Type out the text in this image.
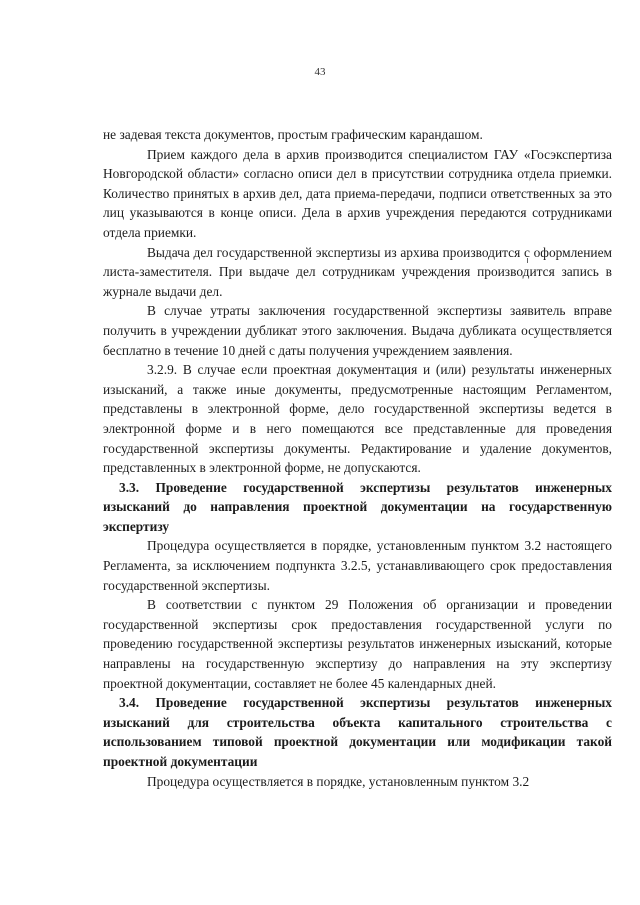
43

не задевая текста документов, простым графическим карандашом.

Прием каждого дела в архив производится специалистом ГАУ «Госэкспертиза Новгородской области» согласно описи дел в присутствии сотрудника отдела приемки. Количество принятых в архив дел, дата приема-передачи, подписи ответственных за это лиц указываются в конце описи. Дела в архив учреждения передаются сотрудниками отдела приемки.

Выдача дел государственной экспертизы из архива производится с оформлением листа-заместителя. При выдаче дел сотрудникам учреждения производится запись в журнале выдачи дел.

В случае утраты заключения государственной экспертизы заявитель вправе получить в учреждении дубликат этого заключения. Выдача дубликата осуществляется бесплатно в течение 10 дней с даты получения учреждением заявления.

3.2.9. В случае если проектная документация и (или) результаты инженерных изысканий, а также иные документы, предусмотренные настоящим Регламентом, представлены в электронной форме, дело государственной экспертизы ведется в электронной форме и в него помещаются все представленные для проведения государственной экспертизы документы. Редактирование и удаление документов, представленных в электронной форме, не допускаются.

3.3. Проведение государственной экспертизы результатов инженерных изысканий до направления проектной документации на государственную экспертизу

Процедура осуществляется в порядке, установленным пунктом 3.2 настоящего Регламента, за исключением подпункта 3.2.5, устанавливающего срок предоставления государственной экспертизы.

В соответствии с пунктом 29 Положения об организации и проведении государственной экспертизы срок предоставления государственной услуги по проведению государственной экспертизы результатов инженерных изысканий, которые направлены на государственную экспертизу до направления на эту экспертизу проектной документации, составляет не более 45 календарных дней.

3.4. Проведение государственной экспертизы результатов инженерных изысканий для строительства объекта капитального строительства с использованием типовой проектной документации или модификации такой проектной документации

Процедура осуществляется в порядке, установленным пунктом 3.2
